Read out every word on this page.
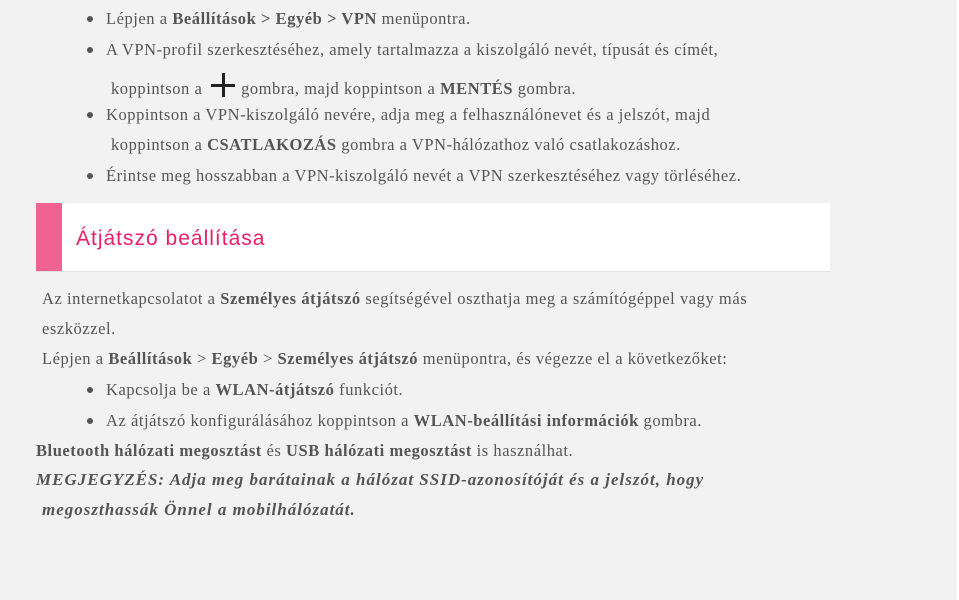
Lépjen a Beállítások > Egyéb > VPN menüpontra.
A VPN-profil szerkesztéséhez, amely tartalmazza a kiszolgáló nevét, típusát és címét,
koppintson a gombra, majd koppintson a MENTÉS gombra.
Koppintson a VPN-kiszolgáló nevére, adja meg a felhasználónevet és a jelszót, majd
koppintson a CSATLAKOZÁS gombra a VPN-hálózathoz való csatlakozáshoz.
Érintse meg hosszabban a VPN-kiszolgáló nevét a VPN szerkesztéséhez vagy törléséhez.
Átjátszó beállítása
Az internetkapcsolatot a Személyes átjátszó segítségével oszthatja meg a számítógéppel vagy más
eszközzel.
Lépjen a Beállítások > Egyéb > Személyes átjátszó menüpontra, és végezze el a következőket:
Kapcsolja be a WLAN-átjátszó funkciót.
Az átjátszó konfigurálásához koppintson a WLAN-beállítási információk gombra.
Bluetooth hálózati megosztást és USB hálózati megosztást is használhat.
MEGJEGYZÉS: Adja meg barátainak a hálózat SSID-azonosítóját és a jelszót, hogy
megoszthassák Önnel a mobilhálózatát.
